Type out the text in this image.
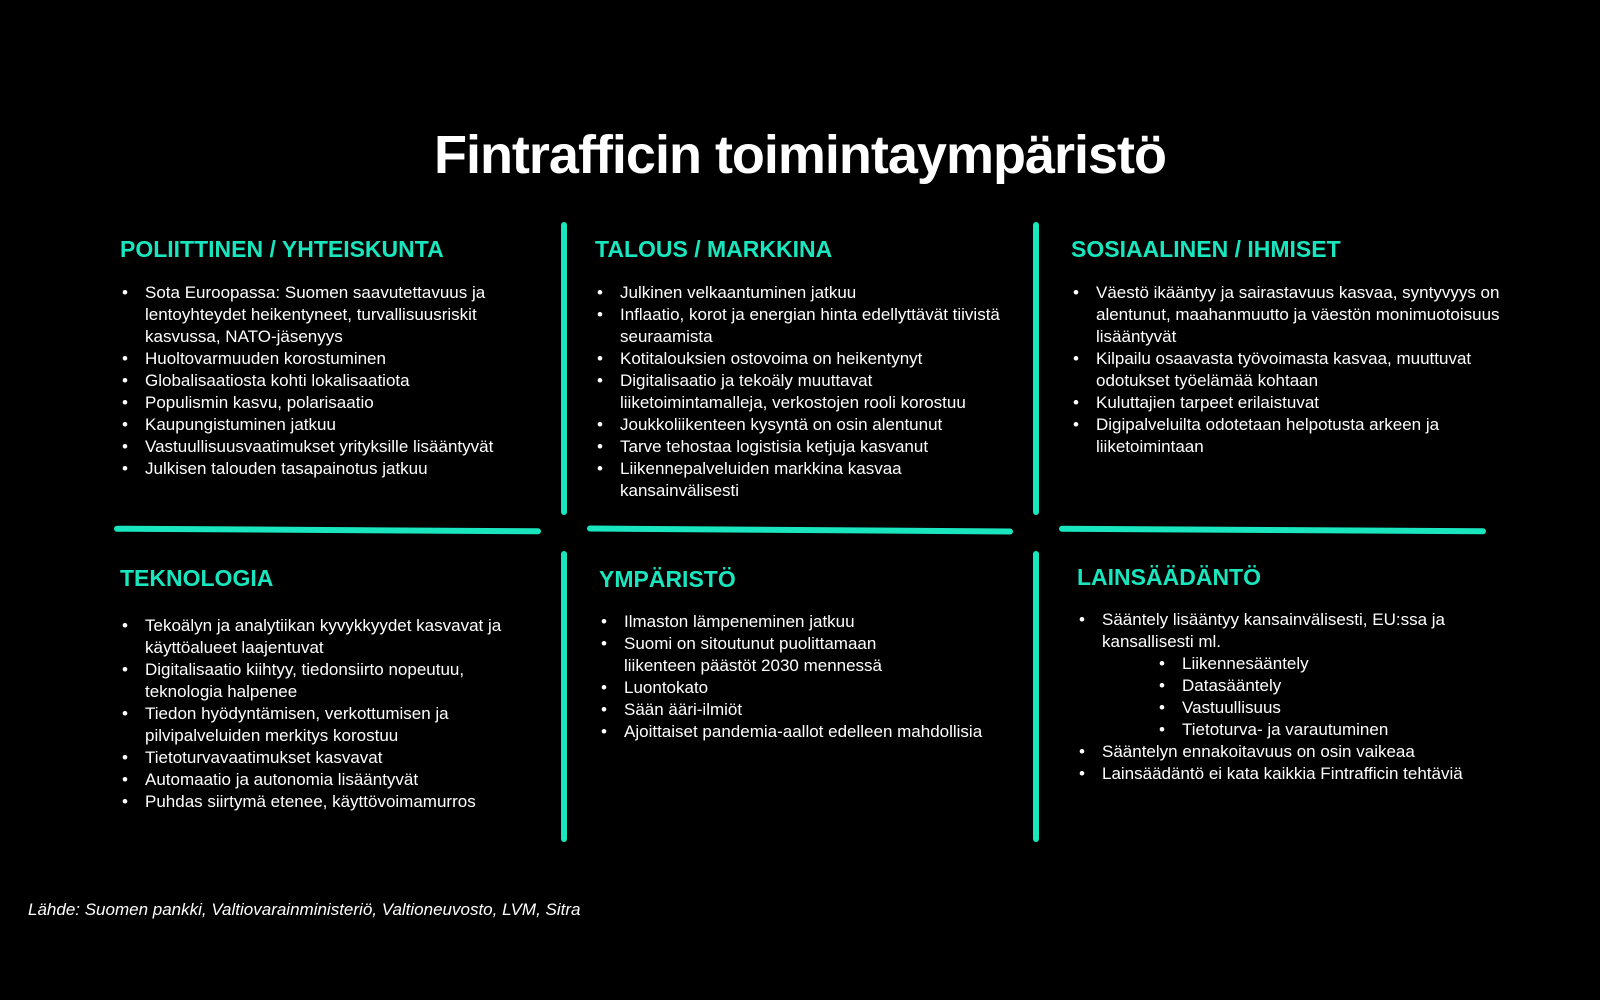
Fintrafficin toimintaympäristö
POLIITTINEN / YHTEISKUNTA
• Sota Euroopassa: Suomen saavutettavuus ja lentoyhteydet heikentyneet, turvallisuusriskit kasvussa, NATO-jäsenyys
• Huoltovarmuuden korostuminen
• Globalisaatiosta kohti lokalisaatiota
• Populismin kasvu, polarisaatio
• Kaupungistuminen jatkuu
• Vastuullisuusvaatimukset yrityksille lisääntyvät
• Julkisen talouden tasapainotus jatkuu
TALOUS / MARKKINA
• Julkinen velkaantuminen jatkuu
• Inflaatio, korot ja energian hinta edellyttävät tiivistä seuraamista
• Kotitalouksien ostovoima on heikentynyt
• Digitalisaatio ja tekoäly muuttavat liiketoimintamalleja, verkostojen rooli korostuu
• Joukkoliikenteen kysyntä on osin alentunut
• Tarve tehostaa logistisia ketjuja kasvanut
• Liikennepalveluiden markkina kasvaa kansainvälisesti
SOSIAALINEN / IHMISET
• Väestö ikääntyy ja sairastavuus kasvaa, syntyvyys on alentunut, maahanmuutto ja väestön monimuotoisuus lisääntyvät
• Kilpailu osaavasta työvoimasta kasvaa, muuttuvat odotukset työelämää kohtaan
• Kuluttajien tarpeet erilaistuvat
• Digipalveluilta odotetaan helpotusta arkeen ja liiketoimintaan
TEKNOLOGIA
• Tekoälyn ja analytiikan kyvykkyydet kasvavat ja käyttöalueet laajentuvat
• Digitalisaatio kiihtyy, tiedonsiirto nopeutuu, teknologia halpenee
• Tiedon hyödyntämisen, verkottumisen ja pilvipalveluiden merkitys korostuu
• Tietoturvavaatimukset kasvavat
• Automaatio ja autonomia lisääntyvät
• Puhdas siirtymä etenee, käyttövoimamurros
YMPÄRISTÖ
• Ilmaston lämpeneminen jatkuu
• Suomi on sitoutunut puolittamaan liikenteen päästöt 2030 mennessä
• Luontokato
• Sään ääri-ilmiöt
• Ajoittaiset pandemia-aallot edelleen mahdollisia
LAINSÄÄDÄNTÖ
• Sääntely lisääntyy kansainvälisesti, EU:ssa ja kansallisesti ml.
• Liikennesääntely
• Datasääntely
• Vastuullisuus
• Tietoturva- ja varautuminen
• Sääntelyn ennakoitavuus on osin vaikeaa
• Lainsäädäntö ei kata kaikkia Fintrafficin tehtäviä

Lähde: Suomen pankki, Valtiovarainministeriö, Valtioneuvosto, LVM, Sitra
